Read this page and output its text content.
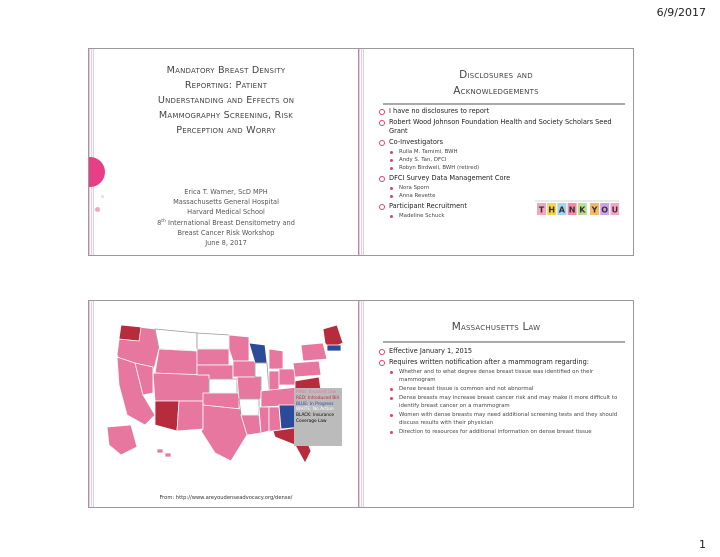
6/9/2017
Mandatory Breast Density
Reporting: Patient
Understanding and Effects on
Mammography Screening, Risk
Perception and Worry
Erica T. Warner, ScD MPH
Massachusetts General Hospital
Harvard Medical School
8th International Breast Densitometry and
Breast Cancer Risk Workshop
June 8, 2017
Disclosures and
Acknowledgements
I have no disclosures to report
Robert Wood Johnson Foundation Health and Society Scholars Seed Grant
Co-Investigators
Rulla M. Tamimi, BWH
Andy S. Tan, DFCI
Robyn Birdwell, BWH (retired)
DFCI Survey Data Management Core
Nora Sporn
Anna Revette
Participant Recruitment
Madeline Schuck
T H A N K Y O U
PINK: Enacted Law
RED: Introduced Bill
BLUE: In Progress
WHITE: No Action
BLACK: Insurance Coverage Law
From: http://www.areyoudenseadvocacy.org/dense/
Massachusetts Law
Effective January 1, 2015
Requires written notification after a mammogram regarding:
Whether and to what degree dense breast tissue was identified on their mammogram
Dense breast tissue is common and not abnormal
Dense breasts may increase breast cancer risk and may make it more difficult to identify breast cancer on a mammogram
Women with dense breasts may need additional screening tests and they should discuss results with their physician
Direction to resources for additional information on dense breast tissue
1
